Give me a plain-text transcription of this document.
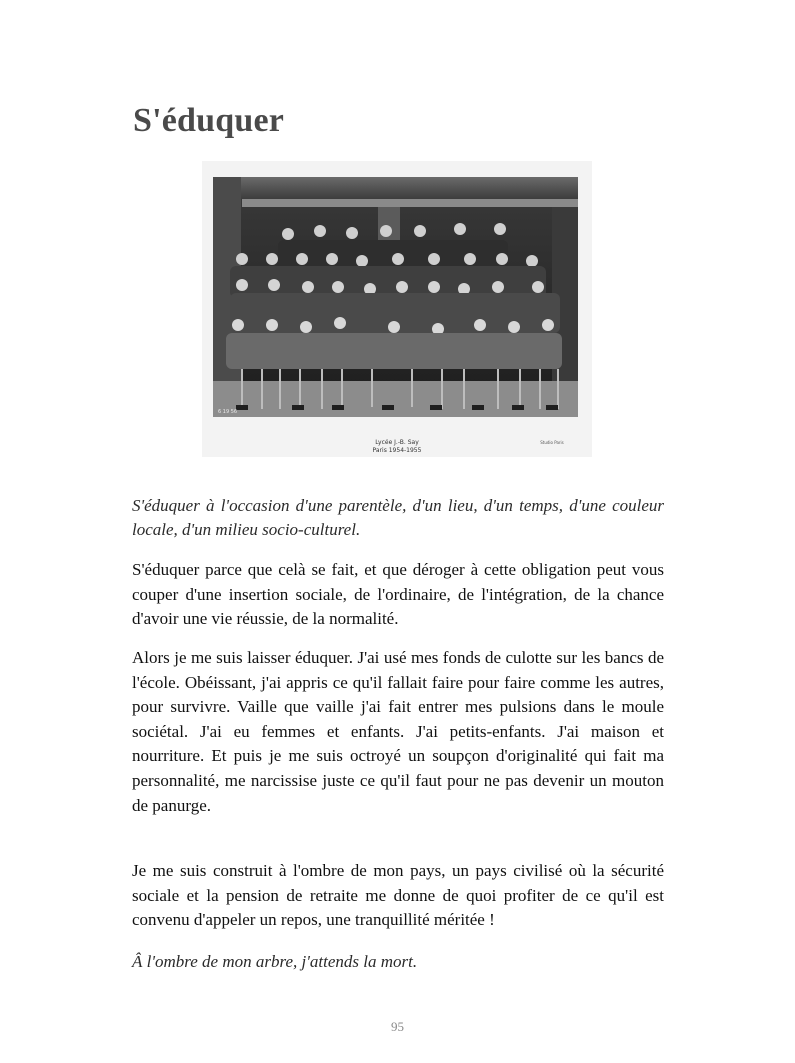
S'éduquer
6 19 56
Lycée J.-B. Say
Paris 1954-1955
Studio Paris

S'éduquer à l'occasion d'une parentèle, d'un lieu, d'un temps, d'une couleur locale, d'un milieu socio-culturel.

S'éduquer parce que celà se fait, et que déroger à cette obligation peut vous couper d'une insertion sociale, de l'ordinaire, de l'intégration, de la chance d'avoir une vie réussie, de la normalité.

Alors je me suis laisser éduquer. J'ai usé mes fonds de culotte sur les bancs de l'école. Obéissant, j'ai appris ce qu'il fallait faire pour faire comme les autres, pour survivre. Vaille que vaille j'ai fait entrer mes pulsions dans le moule sociétal. J'ai eu femmes et enfants. J'ai petits-enfants. J'ai maison et nourriture. Et puis je me suis octroyé un soupçon d'originalité qui fait ma personnalité, me narcissise juste ce qu'il faut pour ne pas devenir un mouton de panurge.

Je me suis construit à l'ombre de mon pays, un pays civilisé où la sécurité sociale et la pension de retraite me donne de quoi profiter de ce qu'il est convenu d'appeler un repos, une tranquillité méritée !

Â l'ombre de mon arbre, j'attends la mort.

95
